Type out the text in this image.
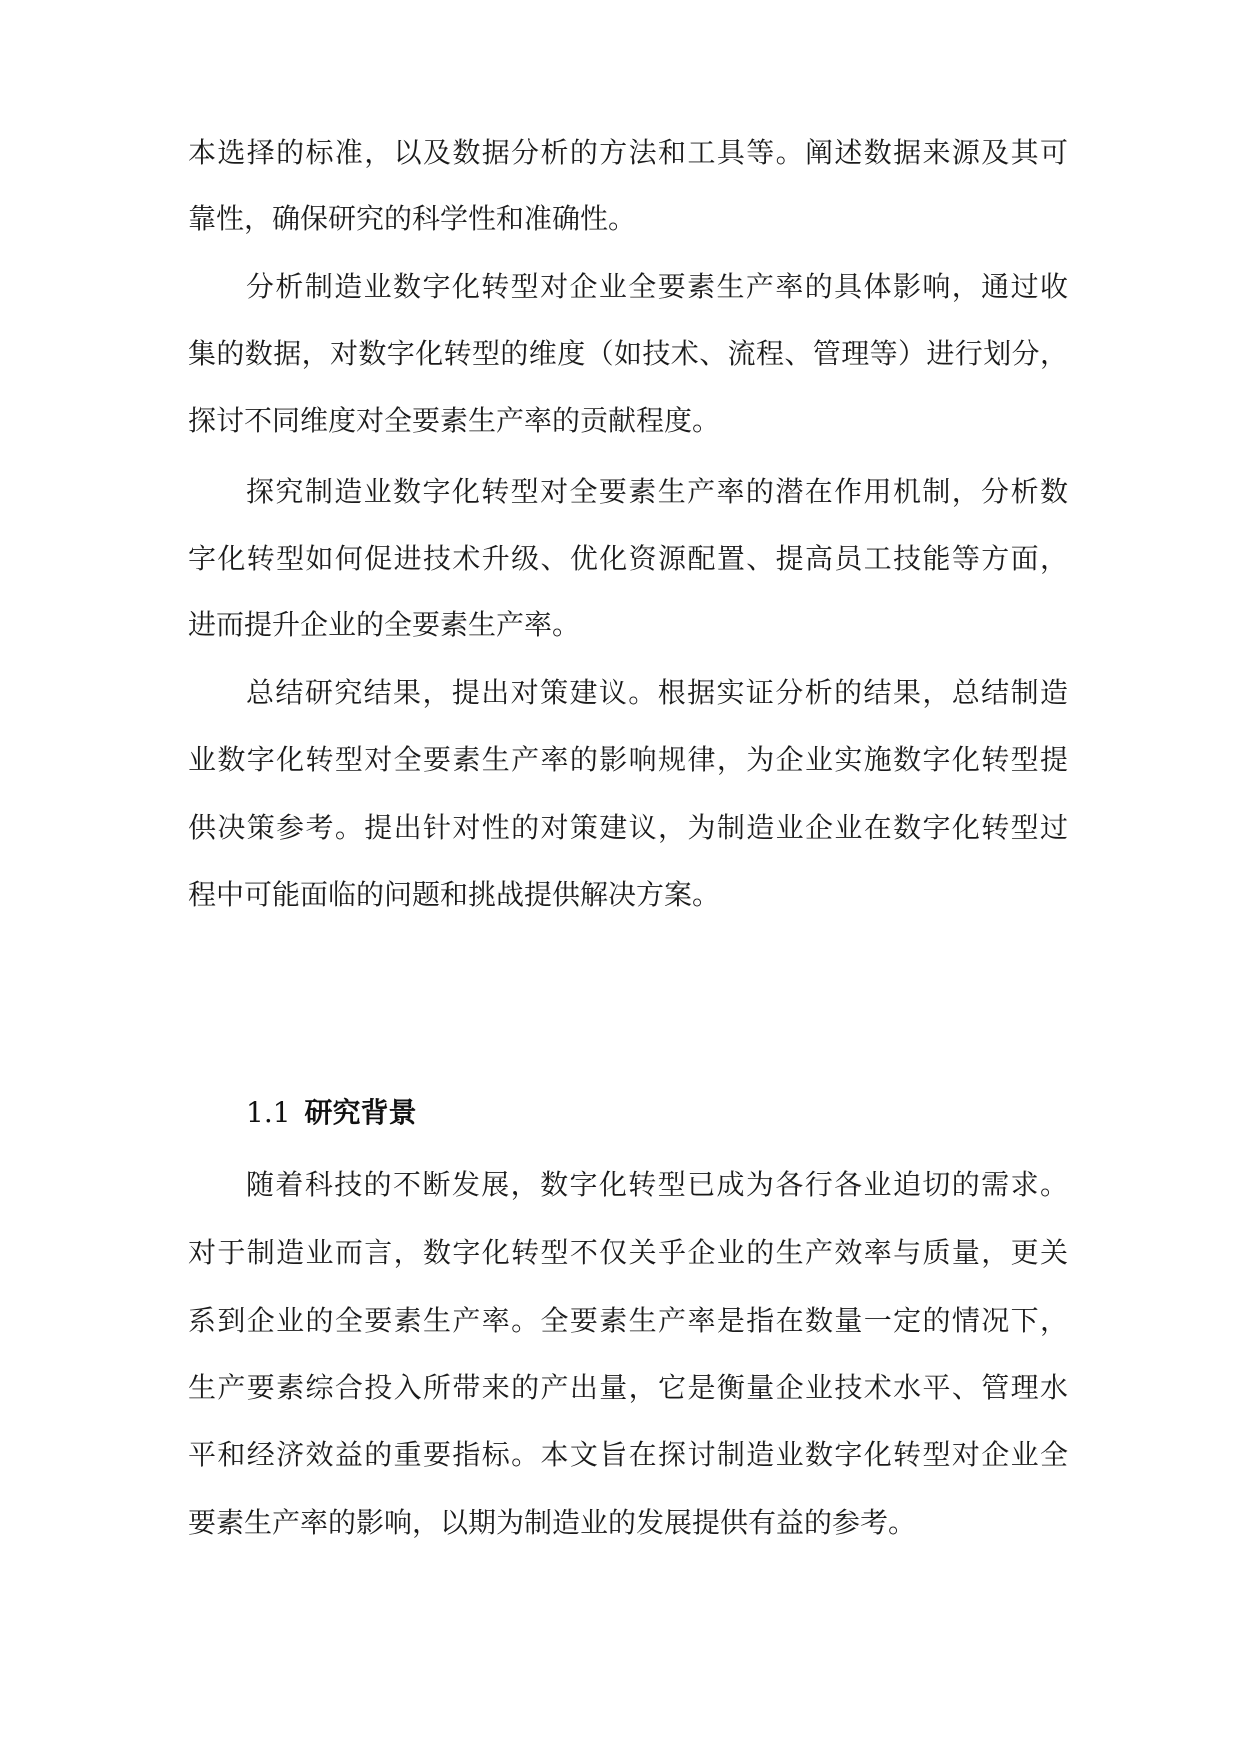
本选择的标准，以及数据分析的方法和工具等。阐述数据来源及其可

靠性，确保研究的科学性和准确性。

分析制造业数字化转型对企业全要素生产率的具体影响，通过收

集的数据，对数字化转型的维度（如技术、流程、管理等）进行划分，

探讨不同维度对全要素生产率的贡献程度。

探究制造业数字化转型对全要素生产率的潜在作用机制，分析数

字化转型如何促进技术升级、优化资源配置、提高员工技能等方面，

进而提升企业的全要素生产率。

总结研究结果，提出对策建议。根据实证分析的结果，总结制造

业数字化转型对全要素生产率的影响规律，为企业实施数字化转型提

供决策参考。提出针对性的对策建议，为制造业企业在数字化转型过

程中可能面临的问题和挑战提供解决方案。

1.1 研究背景

随着科技的不断发展，数字化转型已成为各行各业迫切的需求。

对于制造业而言，数字化转型不仅关乎企业的生产效率与质量，更关

系到企业的全要素生产率。全要素生产率是指在数量一定的情况下，

生产要素综合投入所带来的产出量，它是衡量企业技术水平、管理水

平和经济效益的重要指标。本文旨在探讨制造业数字化转型对企业全

要素生产率的影响，以期为制造业的发展提供有益的参考。
